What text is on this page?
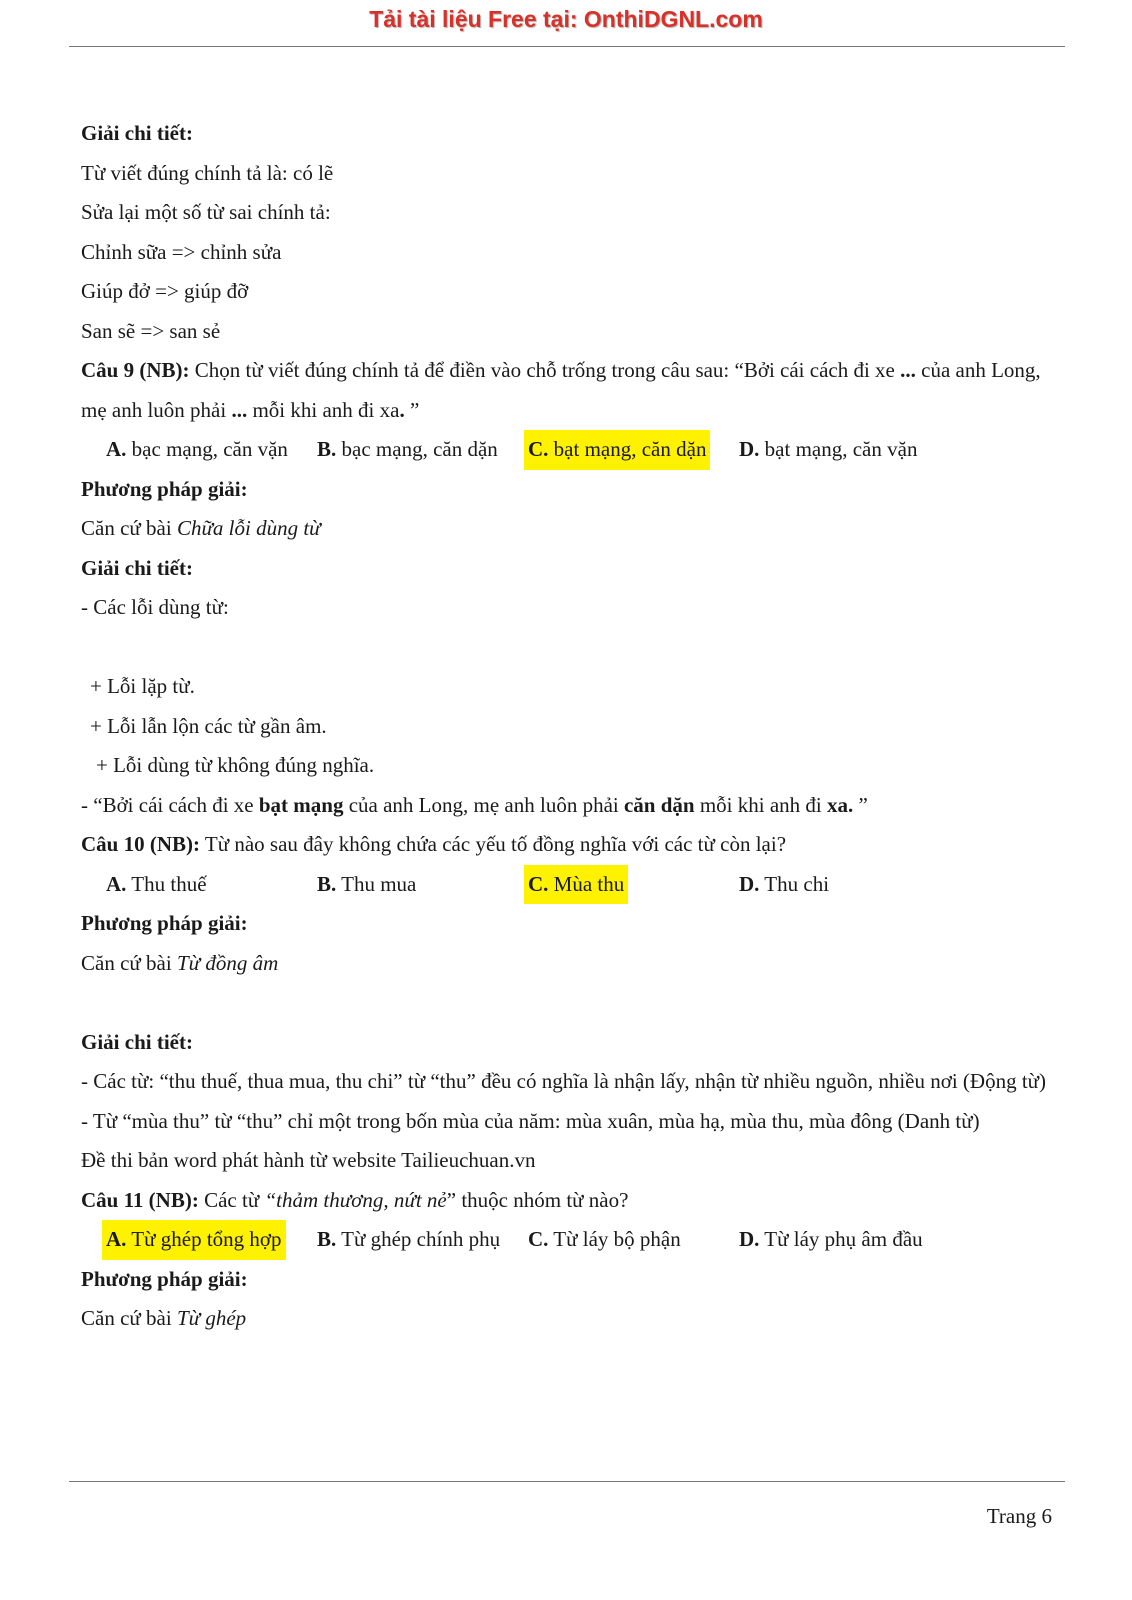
Tải tài liệu Free tại: OnthiDGNL.com
Giải chi tiết:
Từ viết đúng chính tả là: có lẽ
Sửa lại một số từ sai chính tả:
Chỉnh sữa => chỉnh sửa
Giúp đở => giúp đỡ
San sẽ => san sẻ
Câu 9 (NB): Chọn từ viết đúng chính tả để điền vào chỗ trống trong câu sau: “Bởi cái cách đi xe ... của anh Long, mẹ anh luôn phải ... mỗi khi anh đi xa. ”
A. bạc mạng, căn vặn B. bạc mạng, căn dặn C. bạt mạng, căn dặn D. bạt mạng, căn vặn
Phương pháp giải:
Căn cứ bài Chữa lỗi dùng từ
Giải chi tiết:
- Các lỗi dùng từ:
+ Lỗi lặp từ.
+ Lỗi lẫn lộn các từ gần âm.
+ Lỗi dùng từ không đúng nghĩa.
- “Bởi cái cách đi xe bạt mạng của anh Long, mẹ anh luôn phải căn dặn mỗi khi anh đi xa. ”
Câu 10 (NB): Từ nào sau đây không chứa các yếu tố đồng nghĩa với các từ còn lại?
A. Thu thuế	B. Thu mua	C. Mùa thu	D. Thu chi
Phương pháp giải:
Căn cứ bài Từ đồng âm
Giải chi tiết:
- Các từ: “thu thuế, thua mua, thu chi” từ “thu” đều có nghĩa là nhận lấy, nhận từ nhiều nguồn, nhiều nơi (Động từ)
- Từ “mùa thu” từ “thu” chỉ một trong bốn mùa của năm: mùa xuân, mùa hạ, mùa thu, mùa đông (Danh từ)
Đề thi bản word phát hành từ website Tailieuchuan.vn
Câu 11 (NB): Các từ “thảm thương, nứt nẻ” thuộc nhóm từ nào?
A. Từ ghép tổng hợp B. Từ ghép chính phụ C. Từ láy bộ phận	D. Từ láy phụ âm đầu
Phương pháp giải:
Căn cứ bài Từ ghép
Trang 6
